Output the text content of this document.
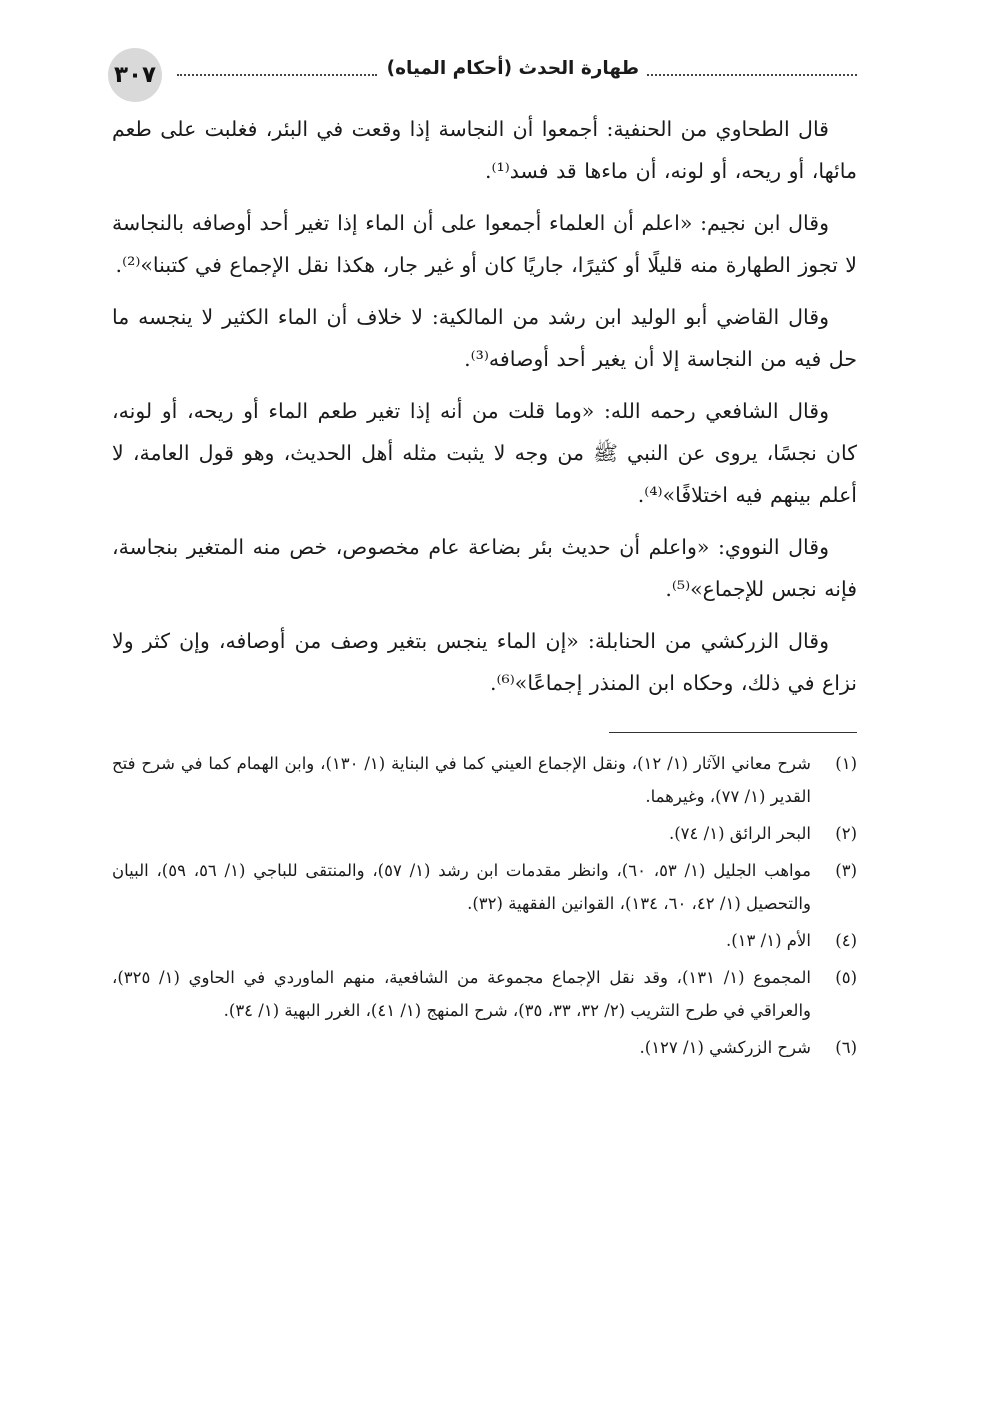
طهارة الحدث (أحكام المياه)
٣٠٧

قال الطحاوي من الحنفية: أجمعوا أن النجاسة إذا وقعت في البئر، فغلبت على طعم مائها، أو ريحه، أو لونه، أن ماءها قد فسد⁽¹⁾.

وقال ابن نجيم: «اعلم أن العلماء أجمعوا على أن الماء إذا تغير أحد أوصافه بالنجاسة لا تجوز الطهارة منه قليلًا أو كثيرًا، جاريًا كان أو غير جار، هكذا نقل الإجماع في كتبنا»⁽²⁾.

وقال القاضي أبو الوليد ابن رشد من المالكية: لا خلاف أن الماء الكثير لا ينجسه ما حل فيه من النجاسة إلا أن يغير أحد أوصافه⁽³⁾.

وقال الشافعي رحمه الله: «وما قلت من أنه إذا تغير طعم الماء أو ريحه، أو لونه، كان نجسًا، يروى عن النبي ﷺ من وجه لا يثبت مثله أهل الحديث، وهو قول العامة، لا أعلم بينهم فيه اختلافًا»⁽⁴⁾.

وقال النووي: «واعلم أن حديث بئر بضاعة عام مخصوص، خص منه المتغير بنجاسة، فإنه نجس للإجماع»⁽⁵⁾.

وقال الزركشي من الحنابلة: «إن الماء ينجس بتغير وصف من أوصافه، وإن كثر ولا نزاع في ذلك، وحكاه ابن المنذر إجماعًا»⁽⁶⁾.

(١)
شرح معاني الآثار (١/ ١٢)، ونقل الإجماع العيني كما في البناية (١/ ١٣٠)، وابن الهمام كما في شرح فتح القدير (١/ ٧٧)، وغيرهما.
(٢)
البحر الرائق (١/ ٧٤).
(٣)
مواهب الجليل (١/ ٥٣، ٦٠)، وانظر مقدمات ابن رشد (١/ ٥٧)، والمنتقى للباجي (١/ ٥٦، ٥٩)، البيان والتحصيل (١/ ٤٢، ٦٠، ١٣٤)، القوانين الفقهية (٣٢).
(٤)
الأم (١/ ١٣).
(٥)
المجموع (١/ ١٣١)، وقد نقل الإجماع مجموعة من الشافعية، منهم الماوردي في الحاوي (١/ ٣٢٥)، والعراقي في طرح التثريب (٢/ ٣٢، ٣٣، ٣٥)، شرح المنهج (١/ ٤١)، الغرر البهية (١/ ٣٤).
(٦)
شرح الزركشي (١/ ١٢٧).
